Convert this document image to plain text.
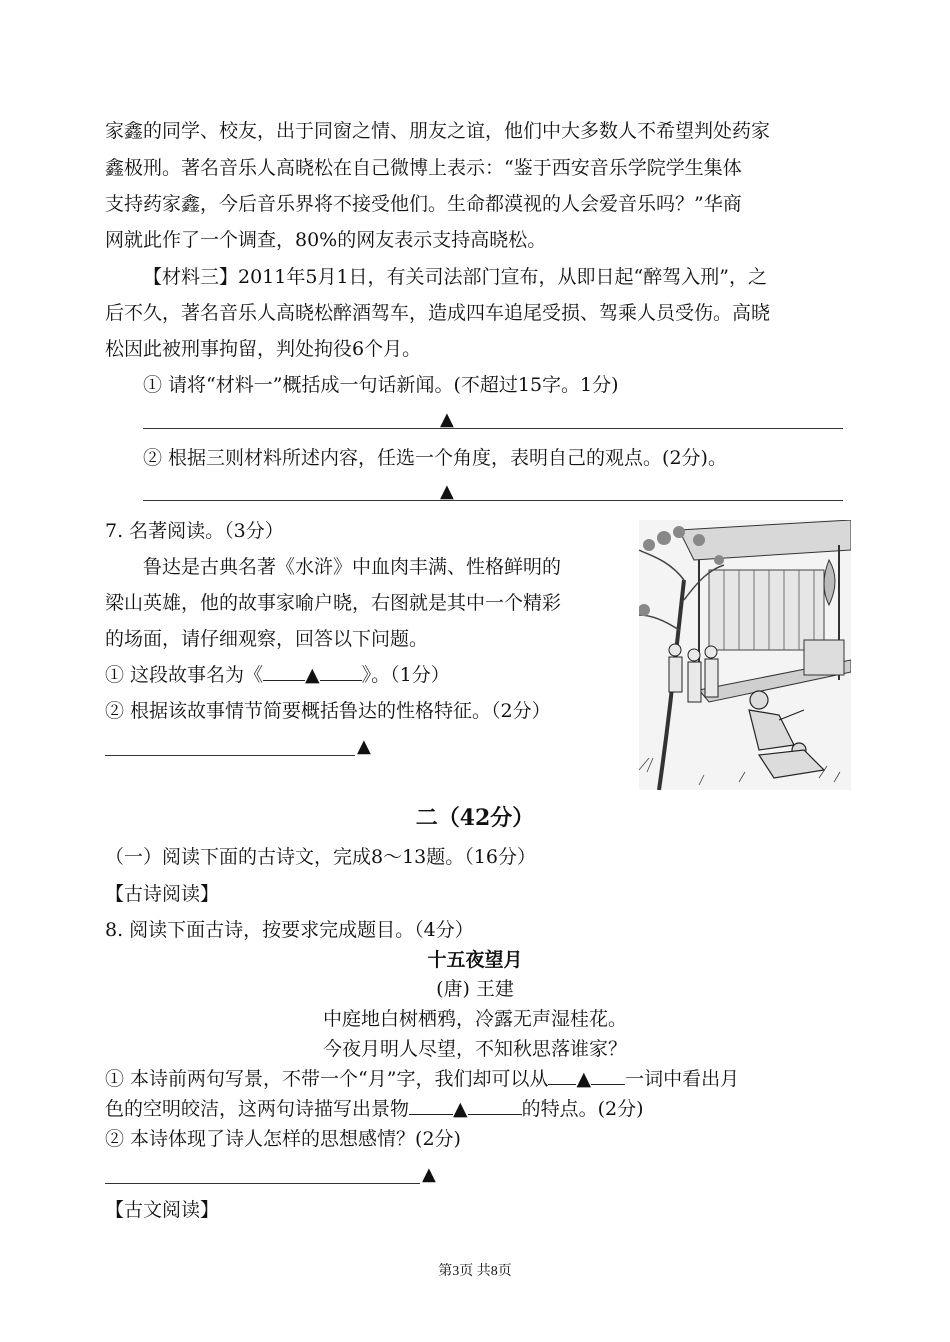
家鑫的同学、校友，出于同窗之情、朋友之谊，他们中大多数人不希望判处药家
鑫极刑。著名音乐人高晓松在自己微博上表示：“鉴于西安音乐学院学生集体
支持药家鑫，今后音乐界将不接受他们。生命都漠视的人会爱音乐吗？”华商
网就此作了一个调查，80%的网友表示支持高晓松。
【材料三】2011年5月1日，有关司法部门宣布，从即日起“醉驾入刑”，之
后不久，著名音乐人高晓松醉酒驾车，造成四车追尾受损、驾乘人员受伤。高晓
松因此被刑事拘留，判处拘役6个月。
① 请将“材料一”概括成一句话新闻。(不超过15字。1分)
▲
② 根据三则材料所述内容，任选一个角度，表明自己的观点。(2分)。
▲
7. 名著阅读。（3分）
鲁达是古典名著《水浒》中血肉丰满、性格鲜明的
梁山英雄，他的故事家喻户晓，右图就是其中一个精彩
的场面，请仔细观察，回答以下问题。
① 这段故事名为《 ▲ 》。（1分）
② 根据该故事情节简要概括鲁达的性格特征。（2分）
▲
二（42分）
（一）阅读下面的古诗文，完成8～13题。（16分）
【古诗阅读】
8. 阅读下面古诗，按要求完成题目。（4分）
十五夜望月
(唐) 王建
中庭地白树栖鸦，冷露无声湿桂花。
今夜月明人尽望，不知秋思落谁家？
① 本诗前两句写景，不带一个“月”字，我们却可以从 ▲ 一词中看出月
色的空明皎洁，这两句诗描写出景物 ▲	的特点。(2分)
② 本诗体现了诗人怎样的思想感情？(2分)
▲
【古文阅读】
第3页 共8页
